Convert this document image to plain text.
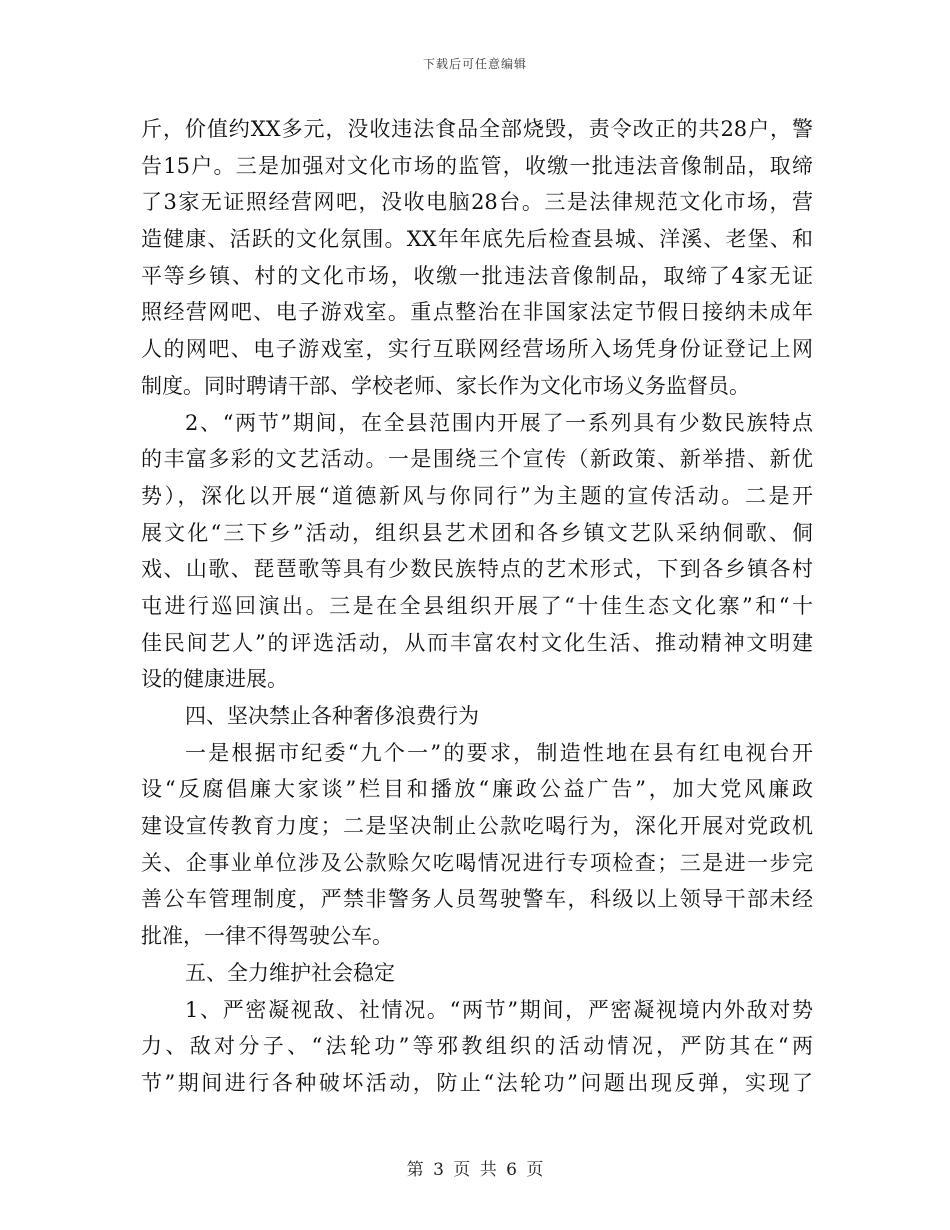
下载后可任意编辑
斤，价值约XX多元，没收违法食品全部烧毁，责令改正的共28户，警
告15户。三是加强对文化市场的监管，收缴一批违法音像制品，取缔
了3家无证照经营网吧，没收电脑28台。三是法律规范文化市场，营
造健康、活跃的文化氛围。XX年年底先后检查县城、洋溪、老堡、和
平等乡镇、村的文化市场，收缴一批违法音像制品，取缔了4家无证
照经营网吧、电子游戏室。重点整治在非国家法定节假日接纳未成年
人的网吧、电子游戏室，实行互联网经营场所入场凭身份证登记上网
制度。同时聘请干部、学校老师、家长作为文化市场义务监督员。
2、“两节”期间，在全县范围内开展了一系列具有少数民族特点
的丰富多彩的文艺活动。一是围绕三个宣传（新政策、新举措、新优
势），深化以开展“道德新风与你同行”为主题的宣传活动。二是开
展文化“三下乡”活动，组织县艺术团和各乡镇文艺队采纳侗歌、侗
戏、山歌、琵琶歌等具有少数民族特点的艺术形式，下到各乡镇各村
屯进行巡回演出。三是在全县组织开展了“十佳生态文化寨”和“十
佳民间艺人”的评选活动，从而丰富农村文化生活、推动精神文明建
设的健康进展。
四、坚决禁止各种奢侈浪费行为
一是根据市纪委“九个一”的要求，制造性地在县有红电视台开
设“反腐倡廉大家谈”栏目和播放“廉政公益广告”，加大党风廉政
建设宣传教育力度；二是坚决制止公款吃喝行为，深化开展对党政机
关、企事业单位涉及公款赊欠吃喝情况进行专项检查；三是进一步完
善公车管理制度，严禁非警务人员驾驶警车，科级以上领导干部未经
批准，一律不得驾驶公车。
五、全力维护社会稳定
1、严密凝视敌、社情况。“两节”期间，严密凝视境内外敌对势
力、敌对分子、“法轮功”等邪教组织的活动情况，严防其在“两
节”期间进行各种破坏活动，防止“法轮功”问题出现反弹，实现了
第 3 页 共 6 页
